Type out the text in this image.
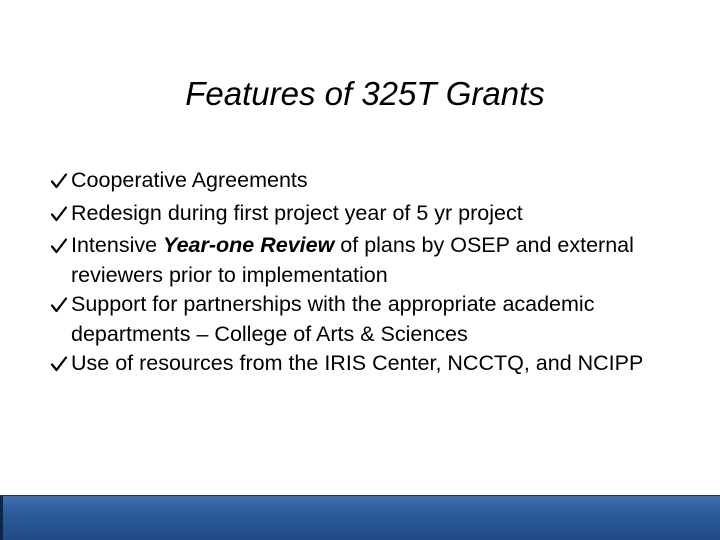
Features of 325T Grants
Cooperative Agreements
Redesign during first project year of 5 yr project
Intensive Year-one Review of plans by OSEP and external reviewers prior to implementation
Support for partnerships with the appropriate academic departments – College of Arts & Sciences
Use of resources from the IRIS Center, NCCTQ, and NCIPP
